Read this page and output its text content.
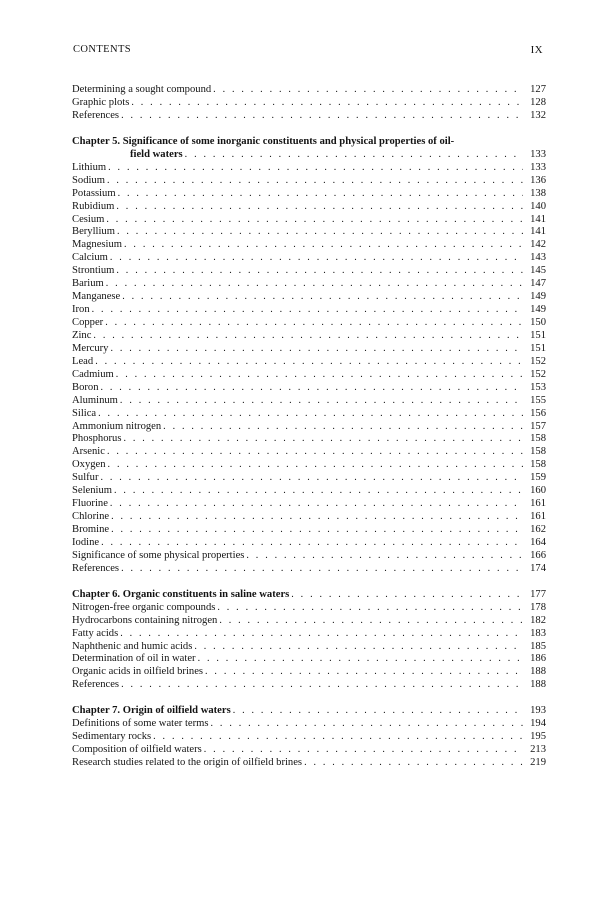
CONTENTS	IX
Determining a sought compound . . .	127
Graphic plots . . .	128
References . . .	132
Chapter 5. Significance of some inorganic constituents and physical properties of oil-
field waters . . .	133
Lithium . . .	133
Sodium . . .	136
Potassium . . .	138
Rubidium . . .	140
Cesium . . .	141
Beryllium . . .	141
Magnesium . . .	142
Calcium . . .	143
Strontium . . .	145
Barium . . .	147
Manganese . . .	149
Iron . . .	149
Copper . . .	150
Zinc . . .	151
Mercury . . .	151
Lead . . .	152
Cadmium . . .	152
Boron . . .	153
Aluminum . . .	155
Silica . . .	156
Ammonium nitrogen . . .	157
Phosphorus . . .	158
Arsenic . . .	158
Oxygen . . .	158
Sulfur . . .	159
Selenium . . .	160
Fluorine . . .	161
Chlorine . . .	161
Bromine . . .	162
Iodine . . .	164
Significance of some physical properties . . .	166
References . . .	174
Chapter 6. Organic constituents in saline waters . . .	177
Nitrogen-free organic compounds . . .	178
Hydrocarbons containing nitrogen . . .	182
Fatty acids . . .	183
Naphthenic and humic acids . . .	185
Determination of oil in water . . .	186
Organic acids in oilfield brines . . .	188
References . . .	188
Chapter 7. Origin of oilfield waters . . .	193
Definitions of some water terms . . .	194
Sedimentary rocks . . .	195
Composition of oilfield waters . . .	213
Research studies related to the origin of oilfield brines . . .	219
